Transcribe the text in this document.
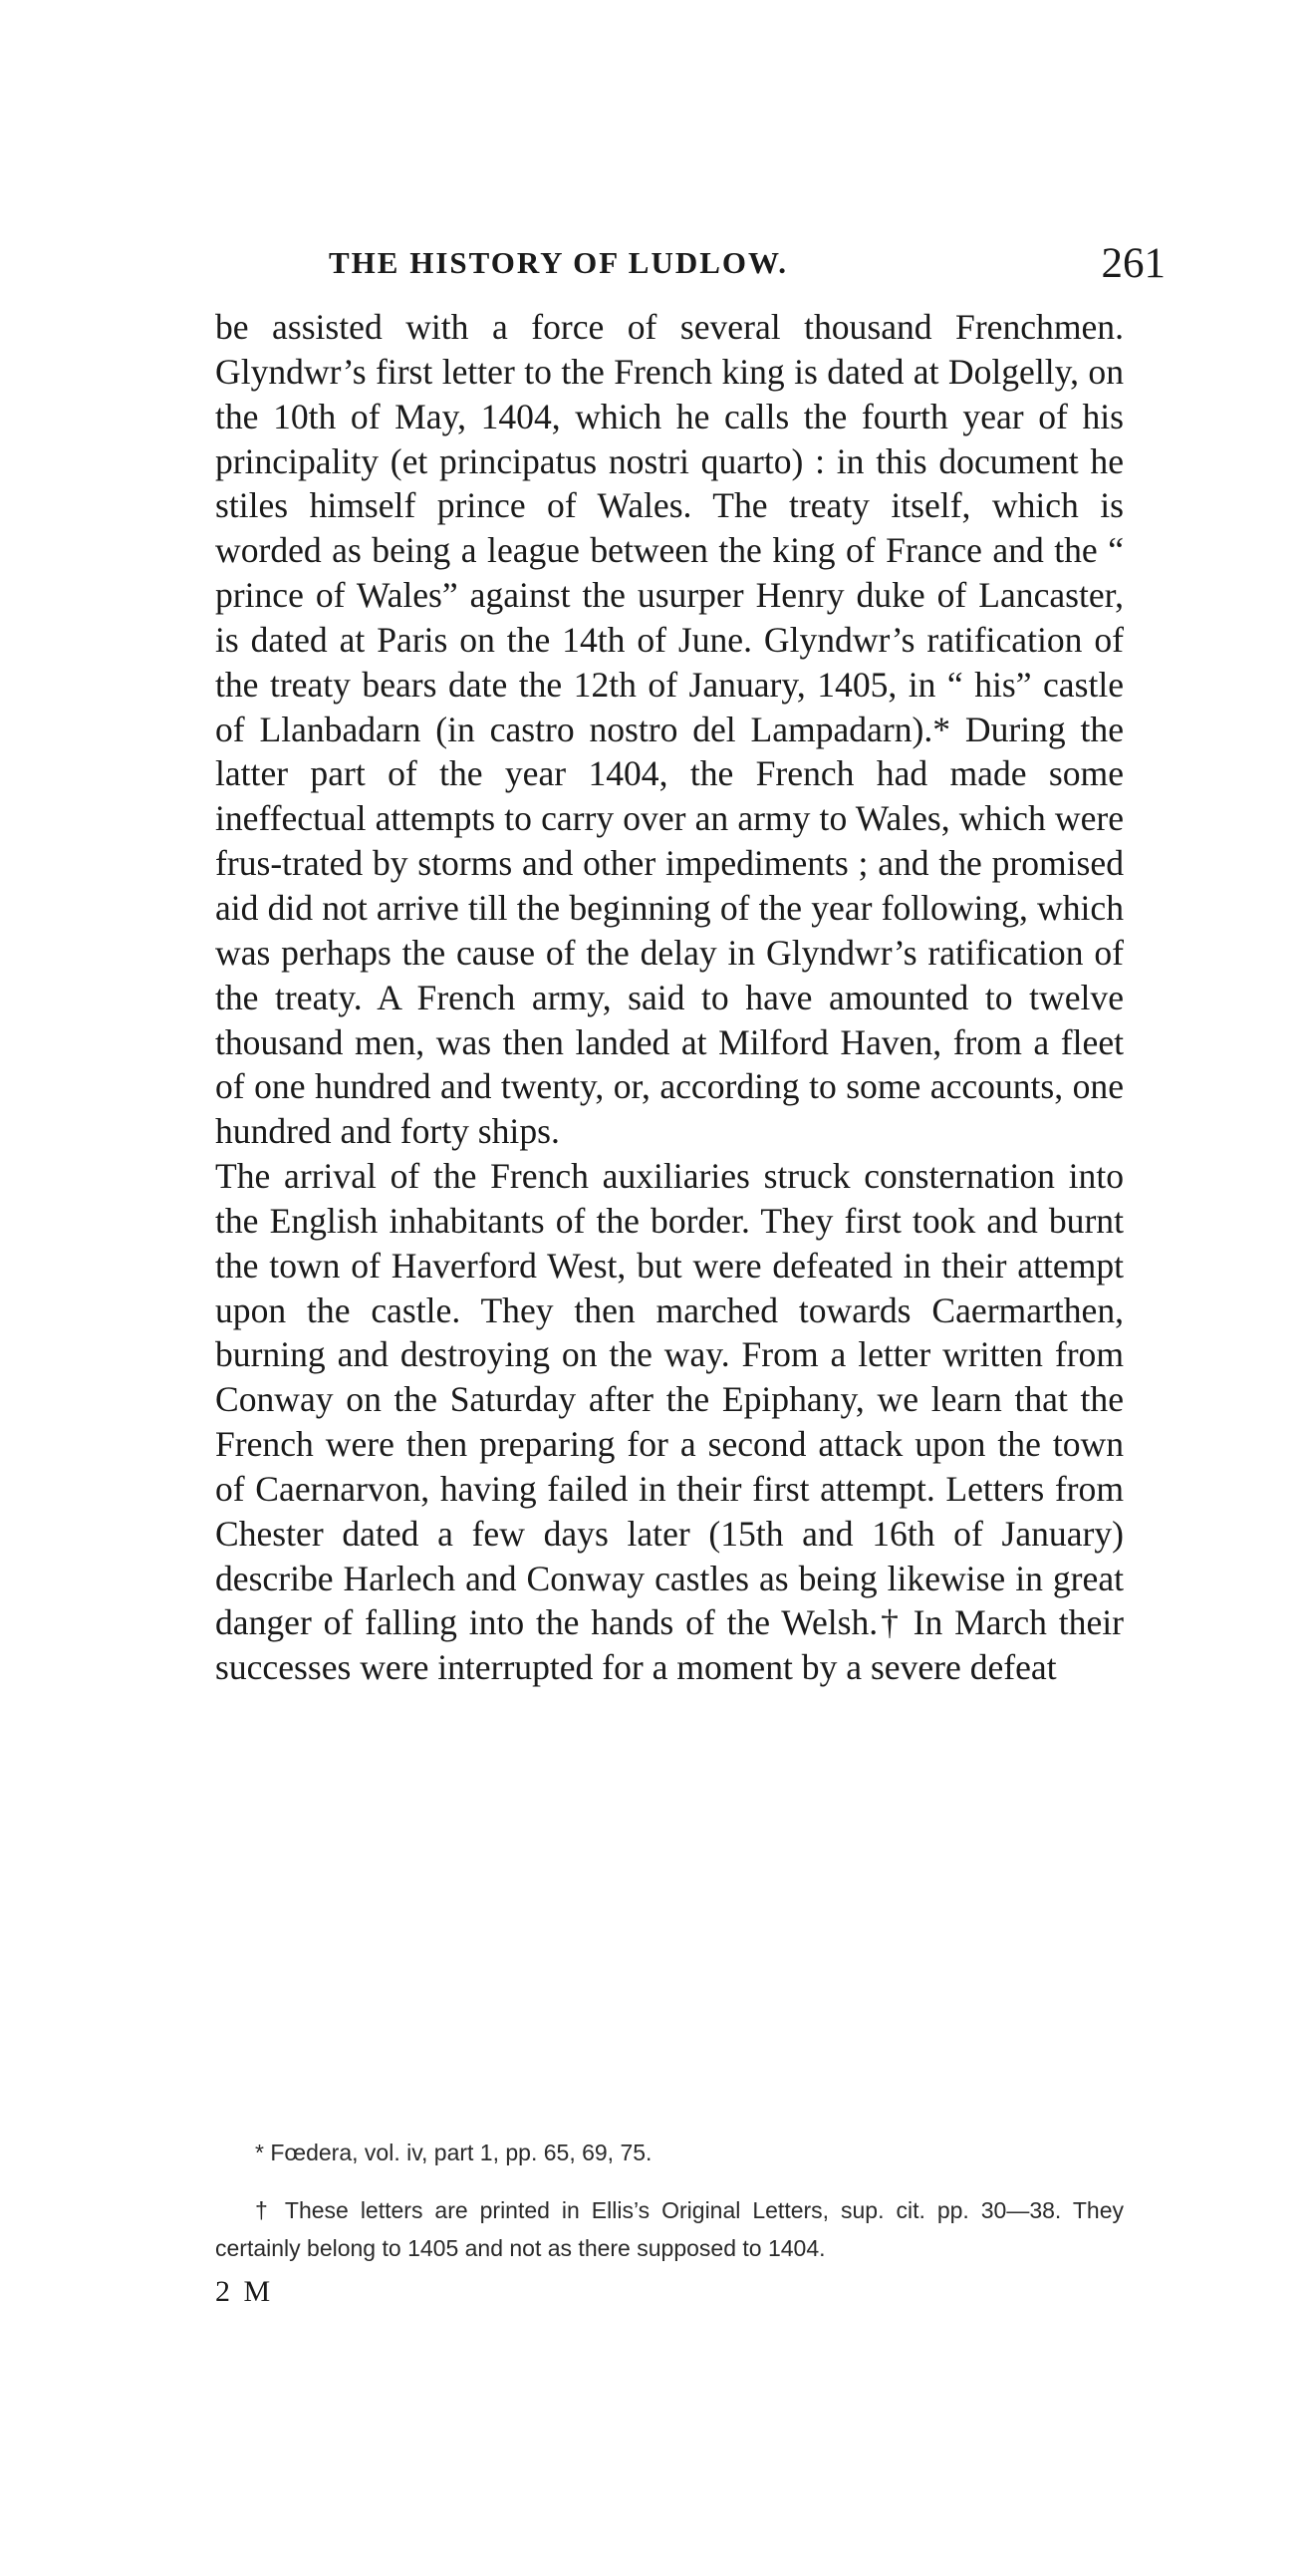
THE HISTORY OF LUDLOW.	261

be assisted with a force of several thousand Frenchmen. Glyndwr’s first letter to the French king is dated at Dolgelly, on the 10th of May, 1404, which he calls the fourth year of his principality (et principatus nostri quarto) : in this document he stiles himself prince of Wales. The treaty itself, which is worded as being a league between the king of France and the “ prince of Wales” against the usurper Henry duke of Lancaster, is dated at Paris on the 14th of June. Glyndwr’s ratification of the treaty bears date the 12th of January, 1405, in “ his” castle of Llanbadarn (in castro nostro del Lampadarn).* During the latter part of the year 1404, the French had made some ineffectual attempts to carry over an army to Wales, which were frus-trated by storms and other impediments ; and the promised aid did not arrive till the beginning of the year following, which was perhaps the cause of the delay in Glyndwr’s ratification of the treaty. A French army, said to have amounted to twelve thousand men, was then landed at Milford Haven, from a fleet of one hundred and twenty, or, according to some accounts, one hundred and forty ships.

The arrival of the French auxiliaries struck consternation into the English inhabitants of the border. They first took and burnt the town of Haverford West, but were defeated in their attempt upon the castle. They then marched towards Caermarthen, burning and destroying on the way. From a letter written from Conway on the Saturday after the Epiphany, we learn that the French were then preparing for a second attack upon the town of Caernarvon, having failed in their first attempt. Letters from Chester dated a few days later (15th and 16th of January) describe Harlech and Conway castles as being likewise in great danger of falling into the hands of the Welsh.† In March their successes were interrupted for a moment by a severe defeat

* Fœdera, vol. iv, part 1, pp. 65, 69, 75.

† These letters are printed in Ellis’s Original Letters, sup. cit. pp. 30—38. They certainly belong to 1405 and not as there supposed to 1404.

2 M
